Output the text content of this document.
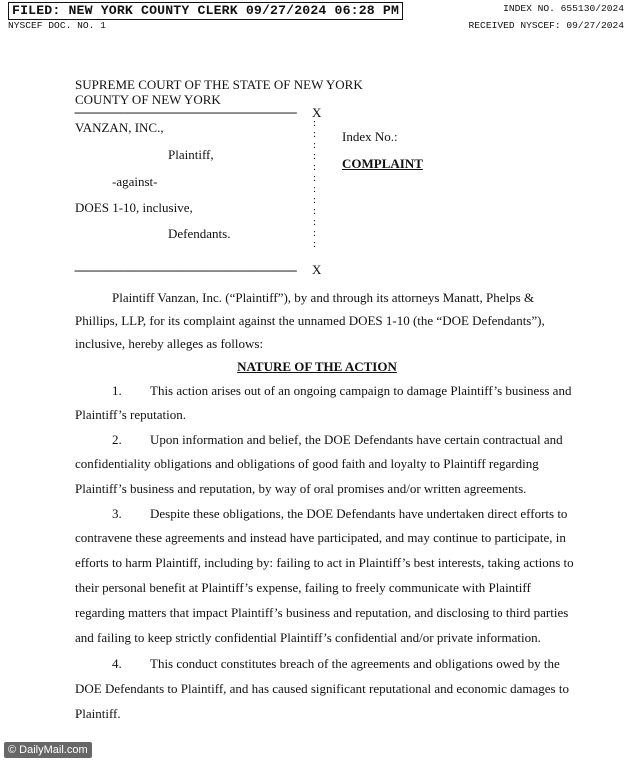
FILED: NEW YORK COUNTY CLERK 09/27/2024 06:28 PM	INDEX NO. 655130/2024
NYSCEF DOC. NO. 1	RECEIVED NYSCEF: 09/27/2024
SUPREME COURT OF THE STATE OF NEW YORK
COUNTY OF NEW YORK
-----------------------------------------------------------------------	X
:
:
:
:
:
:
:
:
:
:
:
:
VANZAN, INC.,
Plaintiff,
-against-
DOES 1-10, inclusive,
Defendants.
Index No.:
COMPLAINT
-----------------------------------------------------------------------	X
Plaintiff Vanzan, Inc. (“Plaintiff”), by and through its attorneys Manatt, Phelps &
Phillips, LLP, for its complaint against the unnamed DOES 1-10 (the “DOE Defendants”),
inclusive, hereby alleges as follows:
NATURE OF THE ACTION
1. This action arises out of an ongoing campaign to damage Plaintiff’s business and
Plaintiff’s reputation.
2. Upon information and belief, the DOE Defendants have certain contractual and
confidentiality obligations and obligations of good faith and loyalty to Plaintiff regarding
Plaintiff’s business and reputation, by way of oral promises and/or written agreements.
3. Despite these obligations, the DOE Defendants have undertaken direct efforts to
contravene these agreements and instead have participated, and may continue to participate, in
efforts to harm Plaintiff, including by: failing to act in Plaintiff’s best interests, taking actions to
their personal benefit at Plaintiff’s expense, failing to freely communicate with Plaintiff
regarding matters that impact Plaintiff’s business and reputation, and disclosing to third parties
and failing to keep strictly confidential Plaintiff’s confidential and/or private information.
4. This conduct constitutes breach of the agreements and obligations owed by the
DOE Defendants to Plaintiff, and has caused significant reputational and economic damages to
Plaintiff.
© DailyMail.com
